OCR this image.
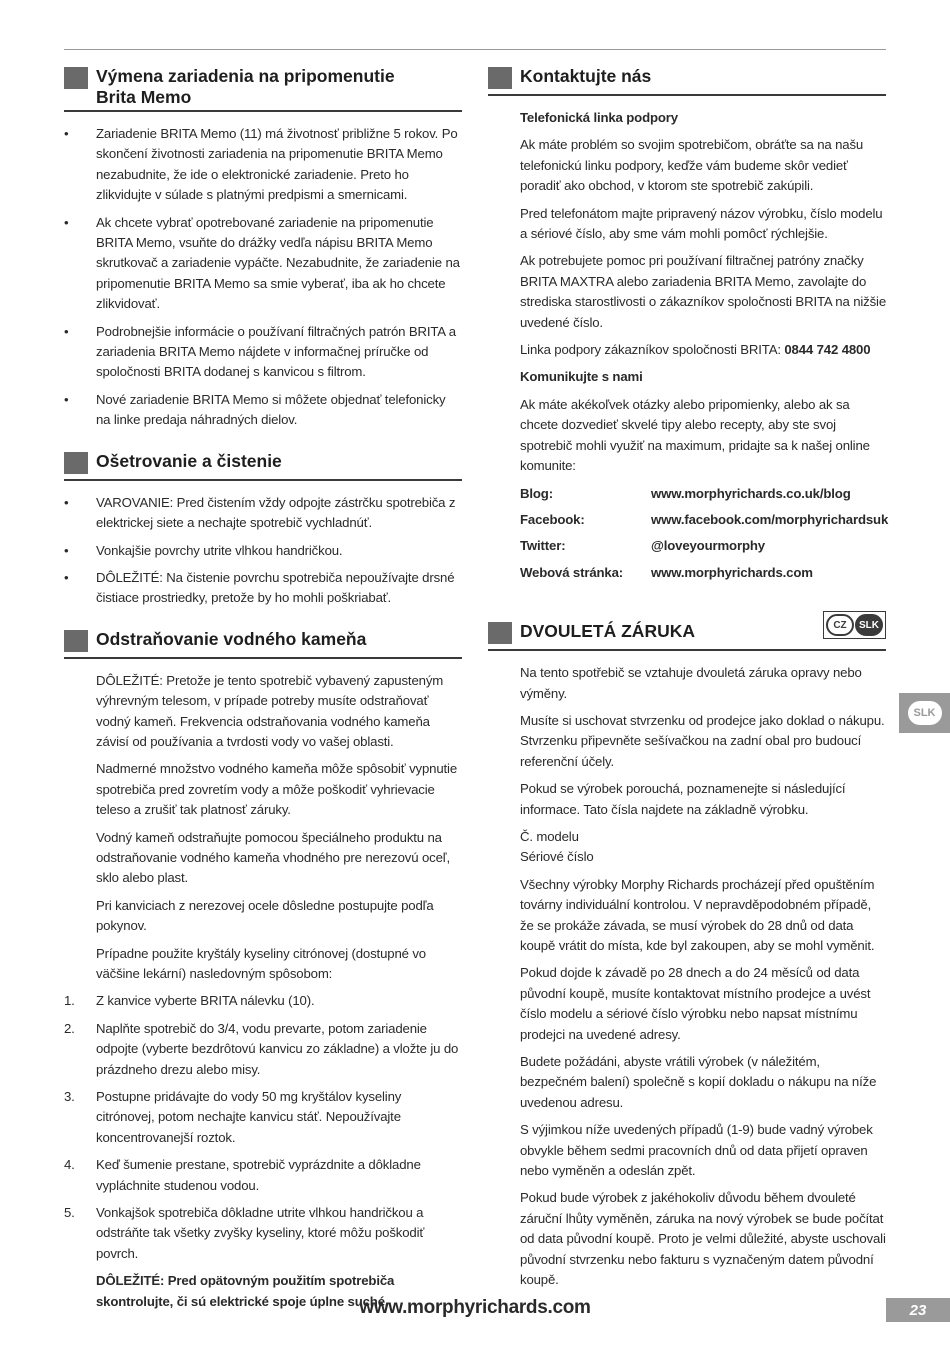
Výmena zariadenia na pripomenutie
Brita Memo
• Zariadenie BRITA Memo (11) má životnosť približne 5 rokov. Po skončení životnosti zariadenia na pripomenutie BRITA Memo nezabudnite, že ide o elektronické zariadenie. Preto ho zlikvidujte v súlade s platnými predpismi a smernicami.
• Ak chcete vybrať opotrebované zariadenie na pripomenutie BRITA Memo, vsuňte do drážky vedľa nápisu BRITA Memo skrutkovač a zariadenie vypáčte. Nezabudnite, že zariadenie na pripomenutie BRITA Memo sa smie vyberať, iba ak ho chcete zlikvidovať.
• Podrobnejšie informácie o používaní filtračných patrón BRITA a zariadenia BRITA Memo nájdete v informačnej príručke od spoločnosti BRITA dodanej s kanvicou s filtrom.
• Nové zariadenie BRITA Memo si môžete objednať telefonicky na linke predaja náhradných dielov.
Ošetrovanie a čistenie
• VAROVANIE: Pred čistením vždy odpojte zástrčku spotrebiča z elektrickej siete a nechajte spotrebič vychladnúť.
• Vonkajšie povrchy utrite vlhkou handričkou.
• DÔLEŽITÉ: Na čistenie povrchu spotrebiča nepoužívajte drsné čistiace prostriedky, pretože by ho mohli poškriabať.
Odstraňovanie vodného kameňa

DÔLEŽITÉ: Pretože je tento spotrebič vybavený zapusteným výhrevným telesom, v prípade potreby musíte odstraňovať vodný kameň. Frekvencia odstraňovania vodného kameňa závisí od používania a tvrdosti vody vo vašej oblasti.

Nadmerné množstvo vodného kameňa môže spôsobiť vypnutie spotrebiča pred zovretím vody a môže poškodiť vyhrievacie teleso a zrušiť tak platnosť záruky.

Vodný kameň odstraňujte pomocou špeciálneho produktu na odstraňovanie vodného kameňa vhodného pre nerezovú oceľ, sklo alebo plast.

Pri kanviciach z nerezovej ocele dôsledne postupujte podľa pokynov.

Prípadne použite kryštály kyseliny citrónovej (dostupné vo väčšine lekární) nasledovným spôsobom:

1. Z kanvice vyberte BRITA nálevku (10).
2. Naplňte spotrebič do 3/4, vodu prevarte, potom zariadenie odpojte (vyberte bezdrôtovú kanvicu zo základne) a vložte ju do prázdneho drezu alebo misy.
3. Postupne pridávajte do vody 50 mg kryštálov kyseliny citrónovej, potom nechajte kanvicu stáť. Nepoužívajte koncentrovanejší roztok.
4. Keď šumenie prestane, spotrebič vyprázdnite a dôkladne vypláchnite studenou vodou.
5. Vonkajšok spotrebiča dôkladne utrite vlhkou handričkou a odstráňte tak všetky zvyšky kyseliny, ktoré môžu poškodiť povrch.

DÔLEŽITÉ: Pred opätovným použitím spotrebiča skontrolujte, či sú elektrické spoje úplne suché.

Kontaktujte nás

Telefonická linka podpory

Ak máte problém so svojim spotrebičom, obráťte sa na našu telefonickú linku podpory, keďže vám budeme skôr vedieť poradiť ako obchod, v ktorom ste spotrebič zakúpili.

Pred telefonátom majte pripravený názov výrobku, číslo modelu a sériové číslo, aby sme vám mohli pomôcť rýchlejšie.

Ak potrebujete pomoc pri používaní filtračnej patróny značky BRITA MAXTRA alebo zariadenia BRITA Memo, zavolajte do strediska starostlivosti o zákazníkov spoločnosti BRITA na nižšie uvedené číslo.

Linka podpory zákazníkov spoločnosti BRITA: 0844 742 4800

Komunikujte s nami

Ak máte akékoľvek otázky alebo pripomienky, alebo ak sa chcete dozvedieť skvelé tipy alebo recepty, aby ste svoj spotrebič mohli využiť na maximum, pridajte sa k našej online komunite:

Blog:	www.morphyrichards.co.uk/blog
Facebook:	www.facebook.com/morphyrichardsuk
Twitter:	@loveyourmorphy
Webová stránka:	www.morphyrichards.com
DVOULETÁ ZÁRUKA	CZ	SLK

Na tento spotřebič se vztahuje dvouletá záruka opravy nebo výměny.

Musíte si uschovat stvrzenku od prodejce jako doklad o nákupu. Stvrzenku připevněte sešívačkou na zadní obal pro budoucí referenční účely.

Pokud se výrobek porouchá, poznamenejte si následující informace. Tato čísla najdete na základně výrobku.

Č. modelu
Sériové číslo

Všechny výrobky Morphy Richards procházejí před opuštěním továrny individuální kontrolou. V nepravděpodobném případě, že se prokáže závada, se musí výrobek do 28 dnů od data koupě vrátit do místa, kde byl zakoupen, aby se mohl vyměnit.

Pokud dojde k závadě po 28 dnech a do 24 měsíců od data původní koupě, musíte kontaktovat místního prodejce a uvést číslo modelu a sériové číslo výrobku nebo napsat místnímu prodejci na uvedené adresy.

Budete požádáni, abyste vrátili výrobek (v náležitém, bezpečném balení) společně s kopií dokladu o nákupu na níže uvedenou adresu.

S výjimkou níže uvedených případů (1-9) bude vadný výrobek obvykle během sedmi pracovních dnů od data přijetí opraven nebo vyměněn a odeslán zpět.

Pokud bude výrobek z jakéhokoliv důvodu během dvouleté záruční lhůty vyměněn, záruka na nový výrobek se bude počítat od data původní koupě. Proto je velmi důležité, abyste uschovali původní stvrzenku nebo fakturu s vyznačeným datem původní koupě.

SLK
www.morphyrichards.com	23
